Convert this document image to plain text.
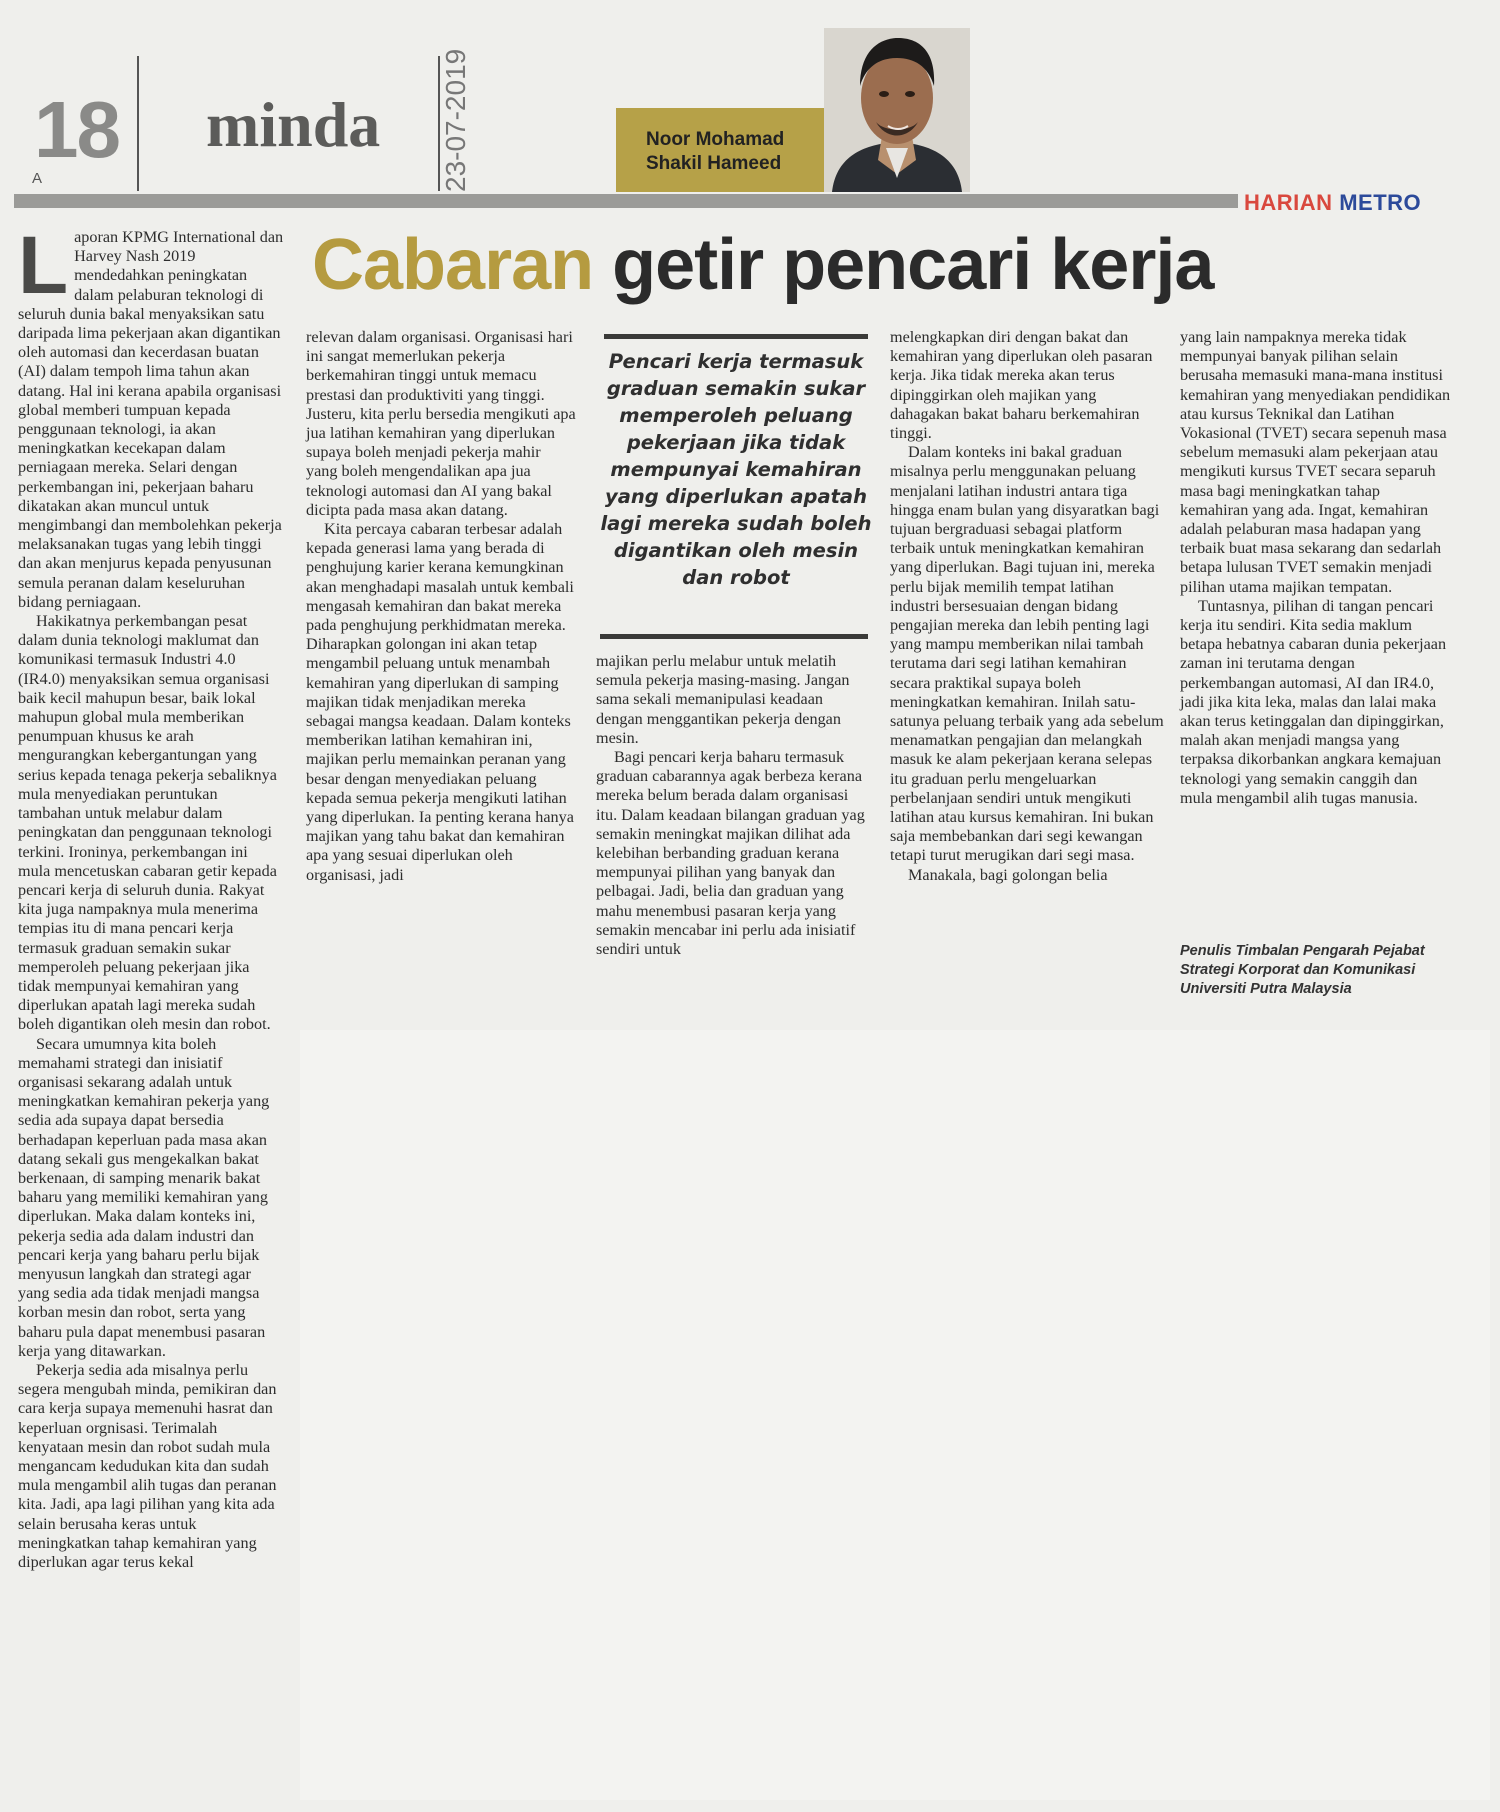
18
A
minda 23-07-2019	Noor Mohamad
Shakil Hameed
HARIAN METRO
Cabaran getir pencari kerja
L aporan KPMG International dan Harvey Nash 2019 mendedahkan peningkatan dalam pelaburan teknologi di seluruh dunia bakal menyaksikan satu daripada lima pekerjaan akan digantikan oleh automasi dan kecerdasan buatan (AI) dalam tempoh lima tahun akan datang. Hal ini kerana apabila organisasi global memberi tumpuan kepada penggunaan teknologi, ia akan meningkatkan kecekapan dalam perniagaan mereka. Selari dengan perkembangan ini, pekerjaan baharu dikatakan akan muncul untuk mengimbangi dan membolehkan pekerja melaksanakan tugas yang lebih tinggi dan akan menjurus kepada penyusunan semula peranan dalam keseluruhan bidang perniagaan.

Hakikatnya perkembangan pesat dalam dunia teknologi maklumat dan komunikasi termasuk Industri 4.0 (IR4.0) menyaksikan semua organisasi baik kecil mahupun besar, baik lokal mahupun global mula memberikan penumpuan khusus ke arah mengurangkan kebergantungan yang serius kepada tenaga pekerja sebaliknya mula menyediakan peruntukan tambahan untuk melabur dalam peningkatan dan penggunaan teknologi terkini. Ironinya, perkembangan ini mula mencetuskan cabaran getir kepada pencari kerja di seluruh dunia. Rakyat kita juga nampaknya mula menerima tempias itu di mana pencari kerja termasuk graduan semakin sukar memperoleh peluang pekerjaan jika tidak mempunyai kemahiran yang diperlukan apatah lagi mereka sudah boleh digantikan oleh mesin dan robot.

Secara umumnya kita boleh memahami strategi dan inisiatif organisasi sekarang adalah untuk meningkatkan kemahiran pekerja yang sedia ada supaya dapat bersedia berhadapan keperluan pada masa akan datang sekali gus mengekalkan bakat berkenaan, di samping menarik bakat baharu yang memiliki kemahiran yang diperlukan. Maka dalam konteks ini, pekerja sedia ada dalam industri dan pencari kerja yang baharu perlu bijak menyusun langkah dan strategi agar yang sedia ada tidak menjadi mangsa korban mesin dan robot, serta yang baharu pula dapat menembusi pasaran kerja yang ditawarkan.

Pekerja sedia ada misalnya perlu segera mengubah minda, pemikiran dan cara kerja supaya memenuhi hasrat dan keperluan orgnisasi. Terimalah kenyataan mesin dan robot sudah mula mengancam kedudukan kita dan sudah mula mengambil alih tugas dan peranan kita. Jadi, apa lagi pilihan yang kita ada selain berusaha keras untuk meningkatkan tahap kemahiran yang diperlukan agar terus kekal

relevan dalam organisasi. Organisasi hari ini sangat memerlukan pekerja berkemahiran tinggi untuk memacu prestasi dan produktiviti yang tinggi. Justeru, kita perlu bersedia mengikuti apa jua latihan kemahiran yang diperlukan supaya boleh menjadi pekerja mahir yang boleh mengendalikan apa jua teknologi automasi dan AI yang bakal dicipta pada masa akan datang.

Kita percaya cabaran terbesar adalah kepada generasi lama yang berada di penghujung karier kerana kemungkinan akan menghadapi masalah untuk kembali mengasah kemahiran dan bakat mereka pada penghujung perkhidmatan mereka. Diharapkan golongan ini akan tetap mengambil peluang untuk menambah kemahiran yang diperlukan di samping majikan tidak menjadikan mereka sebagai mangsa keadaan. Dalam konteks memberikan latihan kemahiran ini, majikan perlu memainkan peranan yang besar dengan menyediakan peluang kepada semua pekerja mengikuti latihan yang diperlukan. Ia penting kerana hanya majikan yang tahu bakat dan kemahiran apa yang sesuai diperlukan oleh organisasi, jadi

Pencari kerja termasuk graduan semakin sukar memperoleh peluang pekerjaan jika tidak mempunyai kemahiran yang diperlukan apatah lagi mereka sudah boleh digantikan oleh mesin dan robot

majikan perlu melabur untuk melatih semula pekerja masing-masing. Jangan sama sekali memanipulasi keadaan dengan menggantikan pekerja dengan mesin.

Bagi pencari kerja baharu termasuk graduan cabarannya agak berbeza kerana mereka belum berada dalam organisasi itu. Dalam keadaan bilangan graduan yag semakin meningkat majikan dilihat ada kelebihan berbanding graduan kerana mempunyai pilihan yang banyak dan pelbagai. Jadi, belia dan graduan yang mahu menembusi pasaran kerja yang semakin mencabar ini perlu ada inisiatif sendiri untuk

melengkapkan diri dengan bakat dan kemahiran yang diperlukan oleh pasaran kerja. Jika tidak mereka akan terus dipinggirkan oleh majikan yang dahagakan bakat baharu berkemahiran tinggi.

Dalam konteks ini bakal graduan misalnya perlu menggunakan peluang menjalani latihan industri antara tiga hingga enam bulan yang disyaratkan bagi tujuan bergraduasi sebagai platform terbaik untuk meningkatkan kemahiran yang diperlukan. Bagi tujuan ini, mereka perlu bijak memilih tempat latihan industri bersesuaian dengan bidang pengajian mereka dan lebih penting lagi yang mampu memberikan nilai tambah terutama dari segi latihan kemahiran secara praktikal supaya boleh meningkatkan kemahiran. Inilah satu-satunya peluang terbaik yang ada sebelum menamatkan pengajian dan melangkah masuk ke alam pekerjaan kerana selepas itu graduan perlu mengeluarkan perbelanjaan sendiri untuk mengikuti latihan atau kursus kemahiran. Ini bukan saja membebankan dari segi kewangan tetapi turut merugikan dari segi masa.

Manakala, bagi golongan belia

yang lain nampaknya mereka tidak mempunyai banyak pilihan selain berusaha memasuki mana-mana institusi kemahiran yang menyediakan pendidikan atau kursus Teknikal dan Latihan Vokasional (TVET) secara sepenuh masa sebelum memasuki alam pekerjaan atau mengikuti kursus TVET secara separuh masa bagi meningkatkan tahap kemahiran yang ada. Ingat, kemahiran adalah pelaburan masa hadapan yang terbaik buat masa sekarang dan sedarlah betapa lulusan TVET semakin menjadi pilihan utama majikan tempatan.

Tuntasnya, pilihan di tangan pencari kerja itu sendiri. Kita sedia maklum betapa hebatnya cabaran dunia pekerjaan zaman ini terutama dengan perkembangan automasi, AI dan IR4.0, jadi jika kita leka, malas dan lalai maka akan terus ketinggalan dan dipinggirkan, malah akan menjadi mangsa yang terpaksa dikorbankan angkara kemajuan teknologi yang semakin canggih dan mula mengambil alih tugas manusia.

Penulis Timbalan Pengarah Pejabat Strategi Korporat dan Komunikasi Universiti Putra Malaysia
